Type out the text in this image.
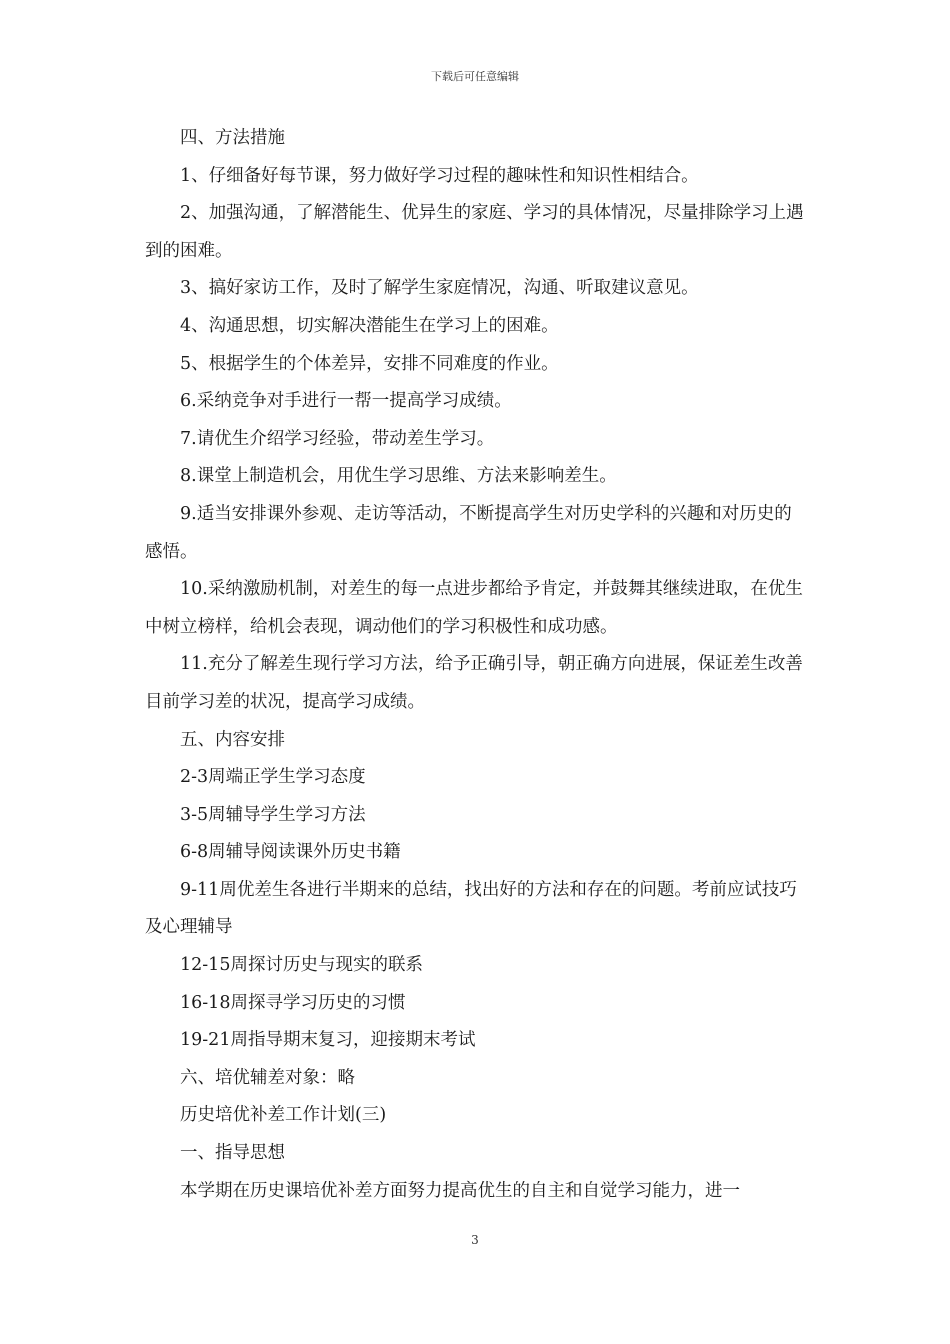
下载后可任意编辑

四、方法措施

1、仔细备好每节课，努力做好学习过程的趣味性和知识性相结合。

2、加强沟通，了解潜能生、优异生的家庭、学习的具体情况，尽量排除学习上遇到的困难。

3、搞好家访工作，及时了解学生家庭情况，沟通、听取建议意见。

4、沟通思想，切实解决潜能生在学习上的困难。

5、根据学生的个体差异，安排不同难度的作业。

6.采纳竞争对手进行一帮一提高学习成绩。

7.请优生介绍学习经验，带动差生学习。

8.课堂上制造机会，用优生学习思维、方法来影响差生。

9.适当安排课外参观、走访等活动，不断提高学生对历史学科的兴趣和对历史的感悟。

10.采纳激励机制，对差生的每一点进步都给予肯定，并鼓舞其继续进取，在优生中树立榜样，给机会表现，调动他们的学习积极性和成功感。

11.充分了解差生现行学习方法，给予正确引导，朝正确方向进展，保证差生改善目前学习差的状况，提高学习成绩。

五、内容安排

2-3周端正学生学习态度

3-5周辅导学生学习方法

6-8周辅导阅读课外历史书籍

9-11周优差生各进行半期来的总结，找出好的方法和存在的问题。考前应试技巧及心理辅导

12-15周探讨历史与现实的联系

16-18周探寻学习历史的习惯

19-21周指导期末复习，迎接期末考试

六、培优辅差对象：略

历史培优补差工作计划(三)

一、指导思想

本学期在历史课培优补差方面努力提高优生的自主和自觉学习能力，进一

3
